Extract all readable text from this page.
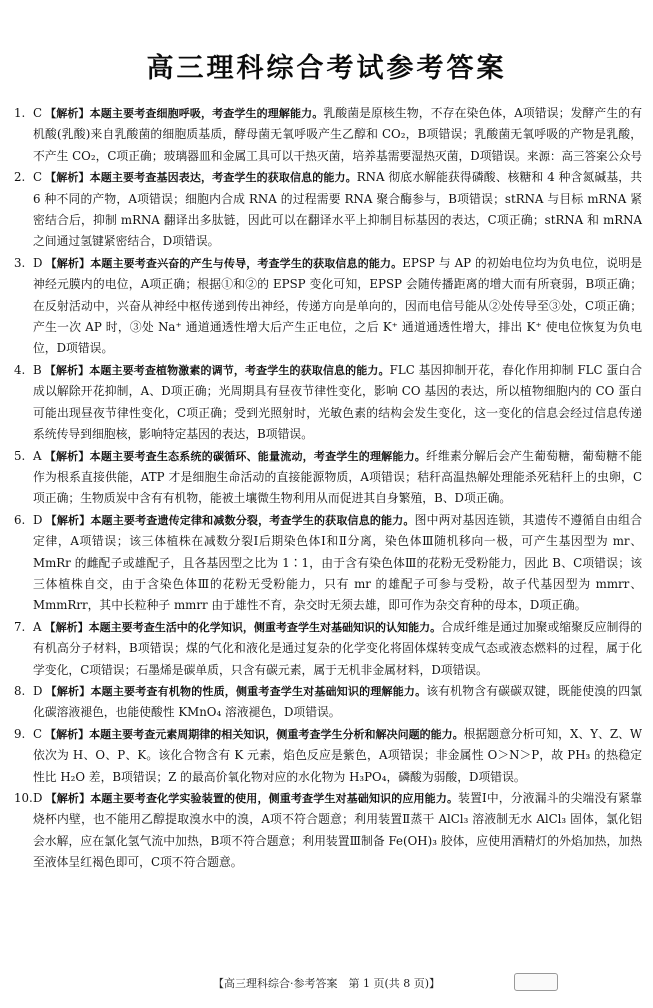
高三理科综合考试参考答案

1. C 【解析】本题主要考查细胞呼吸，考查学生的理解能力。乳酸菌是原核生物，不存在染色体，A项错误；发酵产生的有机酸(乳酸)来自乳酸菌的细胞质基质，酵母菌无氧呼吸产生乙醇和 CO₂，B项错误；乳酸菌无氧呼吸的产物是乳酸，不产生 CO₂，C项正确；玻璃器皿和金属工具可以干热灭菌，培养基需要湿热灭菌，D项错误。来源：高三答案公众号

2. C 【解析】本题主要考查基因表达，考查学生的获取信息的能力。RNA 彻底水解能获得磷酸、核糖和 4 种含氮碱基，共 6 种不同的产物，A项错误；细胞内合成 RNA 的过程需要 RNA 聚合酶参与，B项错误；stRNA 与目标 mRNA 紧密结合后，抑制 mRNA 翻译出多肽链，因此可以在翻译水平上抑制目标基因的表达，C项正确；stRNA 和 mRNA 之间通过氢键紧密结合，D项错误。

3. D 【解析】本题主要考查兴奋的产生与传导，考查学生的获取信息的能力。EPSP 与 AP 的初始电位均为负电位，说明是神经元膜内的电位，A项正确；根据①和②的 EPSP 变化可知，EPSP 会随传播距离的增大而有所衰弱，B项正确；在反射活动中，兴奋从神经中枢传递到传出神经，传递方向是单向的，因而电信号能从②处传导至③处，C项正确；产生一次 AP 时，③处 Na⁺ 通道通透性增大后产生正电位，之后 K⁺ 通道通透性增大，排出 K⁺ 使电位恢复为负电位，D项错误。

4. B 【解析】本题主要考查植物激素的调节，考查学生的获取信息的能力。FLC 基因抑制开花，春化作用抑制 FLC 蛋白合成以解除开花抑制，A、D项正确；光周期具有昼夜节律性变化，影响 CO 基因的表达，所以植物细胞内的 CO 蛋白可能出现昼夜节律性变化，C项正确；受到光照射时，光敏色素的结构会发生变化，这一变化的信息会经过信息传递系统传导到细胞核，影响特定基因的表达，B项错误。

5. A 【解析】本题主要考查生态系统的碳循环、能量流动，考查学生的理解能力。纤维素分解后会产生葡萄糖，葡萄糖不能作为根系直接供能，ATP 才是细胞生命活动的直接能源物质，A项错误；秸秆高温热解处理能杀死秸秆上的虫卵，C项正确；生物质炭中含有有机物，能被土壤微生物利用从而促进其自身繁殖，B、D项正确。

6. D 【解析】本题主要考查遗传定律和减数分裂，考查学生的获取信息的能力。图中两对基因连锁，其遗传不遵循自由组合定律，A项错误；该三体植株在减数分裂Ⅰ后期染色体Ⅰ和Ⅱ分离，染色体Ⅲ随机移向一极，可产生基因型为 mr、MmRr 的雌配子或雄配子，且各基因型之比为 1∶1，由于含有染色体Ⅲ的花粉无受粉能力，因此 B、C项错误；该三体植株自交，由于含染色体Ⅲ的花粉无受粉能力，只有 mr 的雄配子可参与受粉，故子代基因型为 mmrr、MmmRrr，其中长粒种子 mmrr 由于雄性不育，杂交时无须去雄，即可作为杂交育种的母本，D项正确。

7. A 【解析】本题主要考查生活中的化学知识，侧重考查学生对基础知识的认知能力。合成纤维是通过加聚或缩聚反应制得的有机高分子材料，B项错误；煤的气化和液化是通过复杂的化学变化将固体煤转变成气态或液态燃料的过程，属于化学变化，C项错误；石墨烯是碳单质，只含有碳元素，属于无机非金属材料，D项错误。

8. D 【解析】本题主要考查有机物的性质，侧重考查学生对基础知识的理解能力。该有机物含有碳碳双键，既能使溴的四氯化碳溶液褪色，也能使酸性 KMnO₄ 溶液褪色，D项错误。

9. C 【解析】本题主要考查元素周期律的相关知识，侧重考查学生分析和解决问题的能力。根据题意分析可知，X、Y、Z、W 依次为 H、O、P、K。该化合物含有 K 元素，焰色反应是紫色，A项错误；非金属性 O＞N＞P，故 PH₃ 的热稳定性比 H₂O 差，B项错误；Z 的最高价氧化物对应的水化物为 H₃PO₄，磷酸为弱酸，D项错误。

10. D 【解析】本题主要考查化学实验装置的使用，侧重考查学生对基础知识的应用能力。装置Ⅰ中，分液漏斗的尖端没有紧靠烧杯内壁，也不能用乙醇提取溴水中的溴，A项不符合题意；利用装置Ⅱ蒸干 AlCl₃ 溶液制无水 AlCl₃ 固体，氯化铝会水解，应在氯化氢气流中加热，B项不符合题意；利用装置Ⅲ制备 Fe(OH)₃ 胶体，应使用酒精灯的外焰加热，加热至液体呈红褐色即可，C项不符合题意。

【高三理科综合·参考答案　第 1 页(共 8 页)】
